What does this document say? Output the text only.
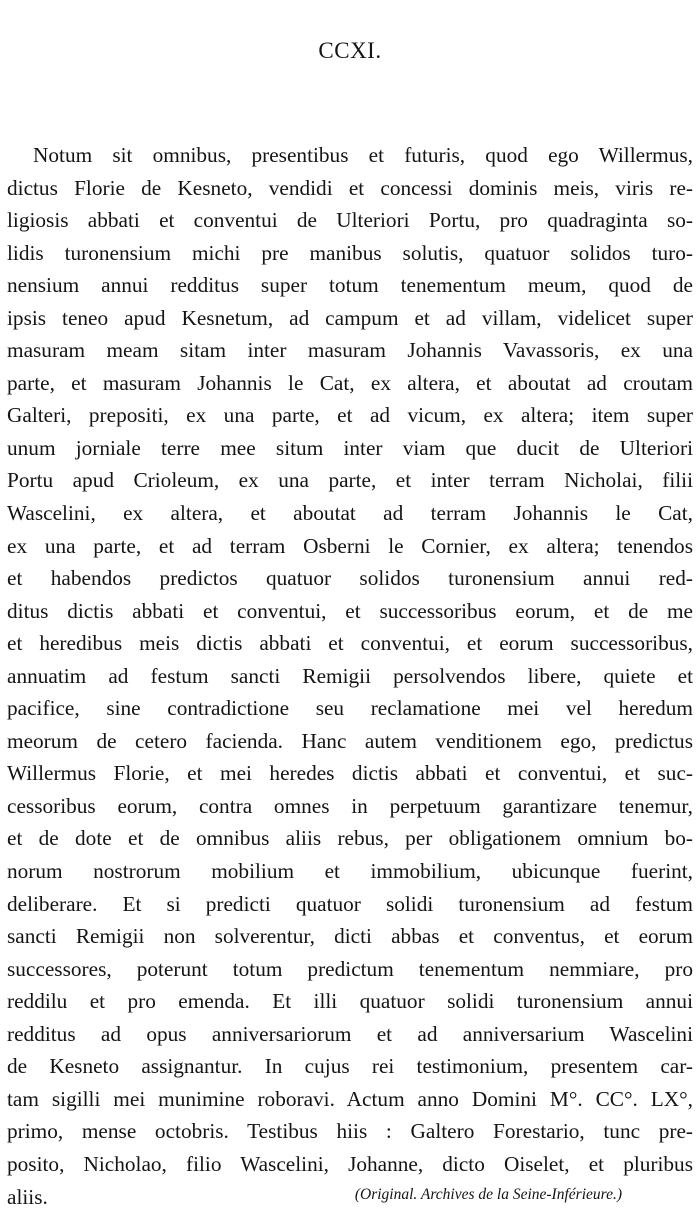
CCXI.
Notum sit omnibus, presentibus et futuris, quod ego Willermus,
dictus Florie de Kesneto, vendidi et concessi dominis meis, viris re-
ligiosis abbati et conventui de Ulteriori Portu, pro quadraginta so-
lidis turonensium michi pre manibus solutis, quatuor solidos turo-
nensium annui redditus super totum tenementum meum, quod de
ipsis teneo apud Kesnetum, ad campum et ad villam, videlicet super
masuram meam sitam inter masuram Johannis Vavassoris, ex una
parte, et masuram Johannis le Cat, ex altera, et aboutat ad croutam
Galteri, prepositi, ex una parte, et ad vicum, ex altera; item super
unum jorniale terre mee situm inter viam que ducit de Ulteriori
Portu apud Crioleum, ex una parte, et inter terram Nicholai, filii
Wascelini, ex altera, et aboutat ad terram Johannis le Cat,
ex una parte, et ad terram Osberni le Cornier, ex altera; tenendos
et habendos predictos quatuor solidos turonensium annui red-
ditus dictis abbati et conventui, et successoribus eorum, et de me
et heredibus meis dictis abbati et conventui, et eorum successoribus,
annuatim ad festum sancti Remigii persolvendos libere, quiete et
pacifice, sine contradictione seu reclamatione mei vel heredum
meorum de cetero facienda. Hanc autem venditionem ego, predictus
Willermus Florie, et mei heredes dictis abbati et conventui, et suc-
cessoribus eorum, contra omnes in perpetuum garantizare tenemur,
et de dote et de omnibus aliis rebus, per obligationem omnium bo-
norum nostrorum mobilium et immobilium, ubicunque fuerint,
deliberare. Et si predicti quatuor solidi turonensium ad festum
sancti Remigii non solverentur, dicti abbas et conventus, et eorum
successores, poterunt totum predictum tenementum nemmiare, pro
reddilu et pro emenda. Et illi quatuor solidi turonensium annui
redditus ad opus anniversariorum et ad anniversarium Wascelini
de Kesneto assignantur. In cujus rei testimonium, presentem car-
tam sigilli mei munimine roboravi. Actum anno Domini M°. CC°. LX°,
primo, mense octobris. Testibus hiis : Galtero Forestario, tunc pre-
posito, Nicholao, filio Wascelini, Johanne, dicto Oiselet, et pluribus
aliis.	(Original. Archives de la Seine-Inférieure.)
